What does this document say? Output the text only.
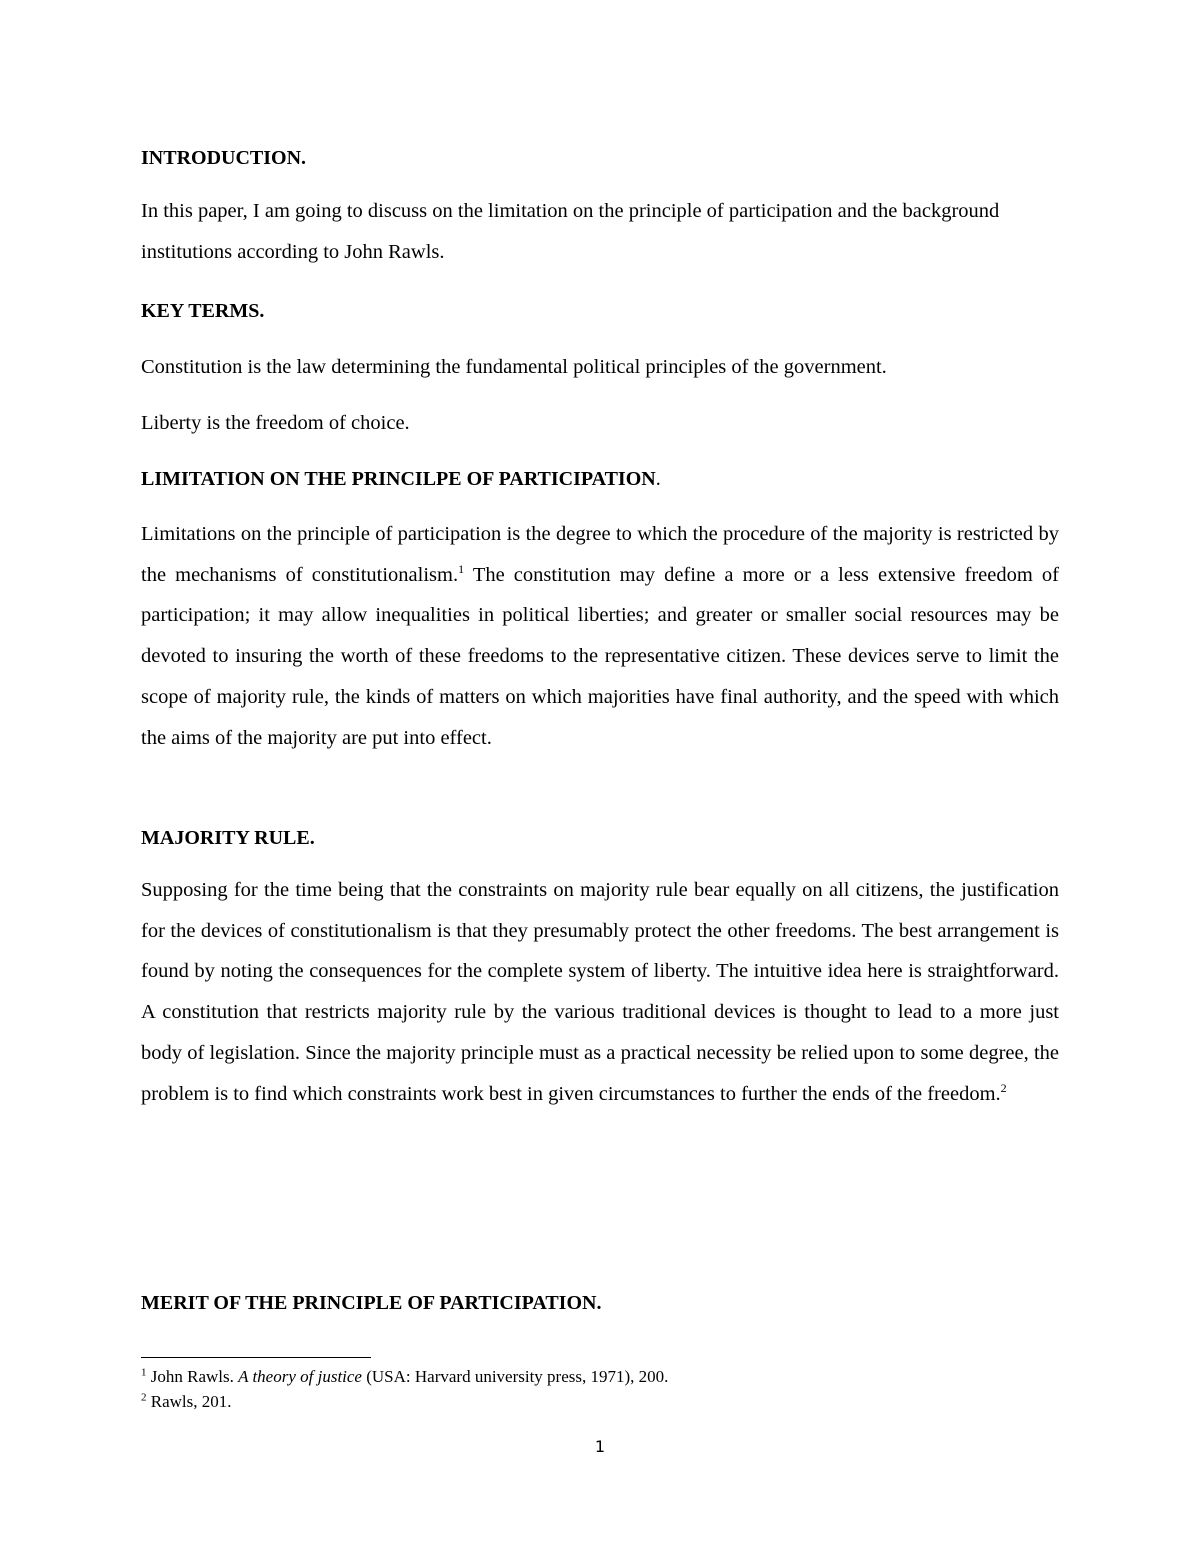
INTRODUCTION.

In this paper, I am going to discuss on the limitation on the principle of participation and the background institutions according to John Rawls.

KEY TERMS.

Constitution is the law determining the fundamental political principles of the government.

Liberty is the freedom of choice.

LIMITATION ON THE PRINCILPE OF PARTICIPATION.

Limitations on the principle of participation is the degree to which the procedure of the majority is restricted by the mechanisms of constitutionalism.$^1$ The constitution may define a more or a less extensive freedom of participation; it may allow inequalities in political liberties; and greater or smaller social resources may be devoted to insuring the worth of these freedoms to the representative citizen. These devices serve to limit the scope of majority rule, the kinds of matters on which majorities have final authority, and the speed with which the aims of the majority are put into effect.

MAJORITY RULE.

Supposing for the time being that the constraints on majority rule bear equally on all citizens, the justification for the devices of constitutionalism is that they presumably protect the other freedoms. The best arrangement is found by noting the consequences for the complete system of liberty. The intuitive idea here is straightforward. A constitution that restricts majority rule by the various traditional devices is thought to lead to a more just body of legislation. Since the majority principle must as a practical necessity be relied upon to some degree, the problem is to find which constraints work best in given circumstances to further the ends of the freedom.$^2$

MERIT OF THE PRINCIPLE OF PARTICIPATION.

$^1$ John Rawls. A theory of justice (USA: Harvard university press, 1971), 200.

$^2$ Rawls, 201.

1
